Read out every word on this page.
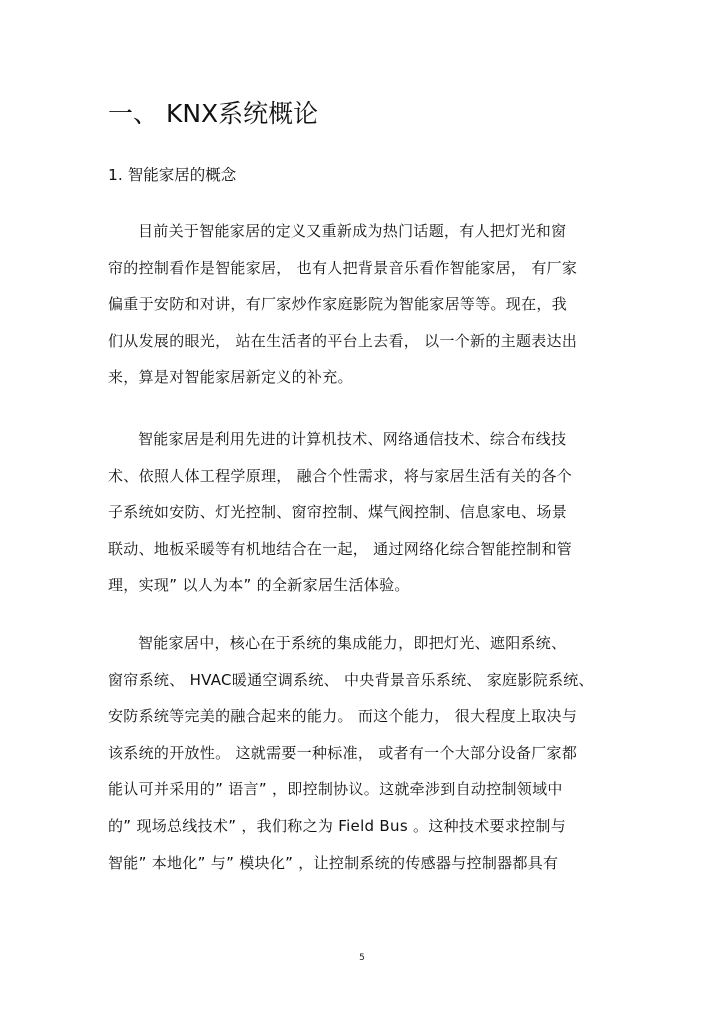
一、 KNX系统概论
1. 智能家居的概念
目前关于智能家居的定义又重新成为热门话题，有人把灯光和窗
帘的控制看作是智能家居， 也有人把背景音乐看作智能家居， 有厂家
偏重于安防和对讲，有厂家炒作家庭影院为智能家居等等。现在，我
们从发展的眼光， 站在生活者的平台上去看， 以一个新的主题表达出
来，算是对智能家居新定义的补充。
智能家居是利用先进的计算机技术、网络通信技术、综合布线技
术、依照人体工程学原理， 融合个性需求，将与家居生活有关的各个
子系统如安防、灯光控制、窗帘控制、煤气阀控制、信息家电、场景
联动、地板采暖等有机地结合在一起， 通过网络化综合智能控制和管
理，实现” 以人为本” 的全新家居生活体验。
智能家居中，核心在于系统的集成能力，即把灯光、遮阳系统、
窗帘系统、 HVAC暖通空调系统、 中央背景音乐系统、 家庭影院系统、
安防系统等完美的融合起来的能力。 而这个能力， 很大程度上取决与
该系统的开放性。 这就需要一种标准， 或者有一个大部分设备厂家都
能认可并采用的” 语言” ，即控制协议。这就牵涉到自动控制领域中
的” 现场总线技术” ，我们称之为 Field Bus 。这种技术要求控制与
智能” 本地化” 与” 模块化” ，让控制系统的传感器与控制器都具有
5
